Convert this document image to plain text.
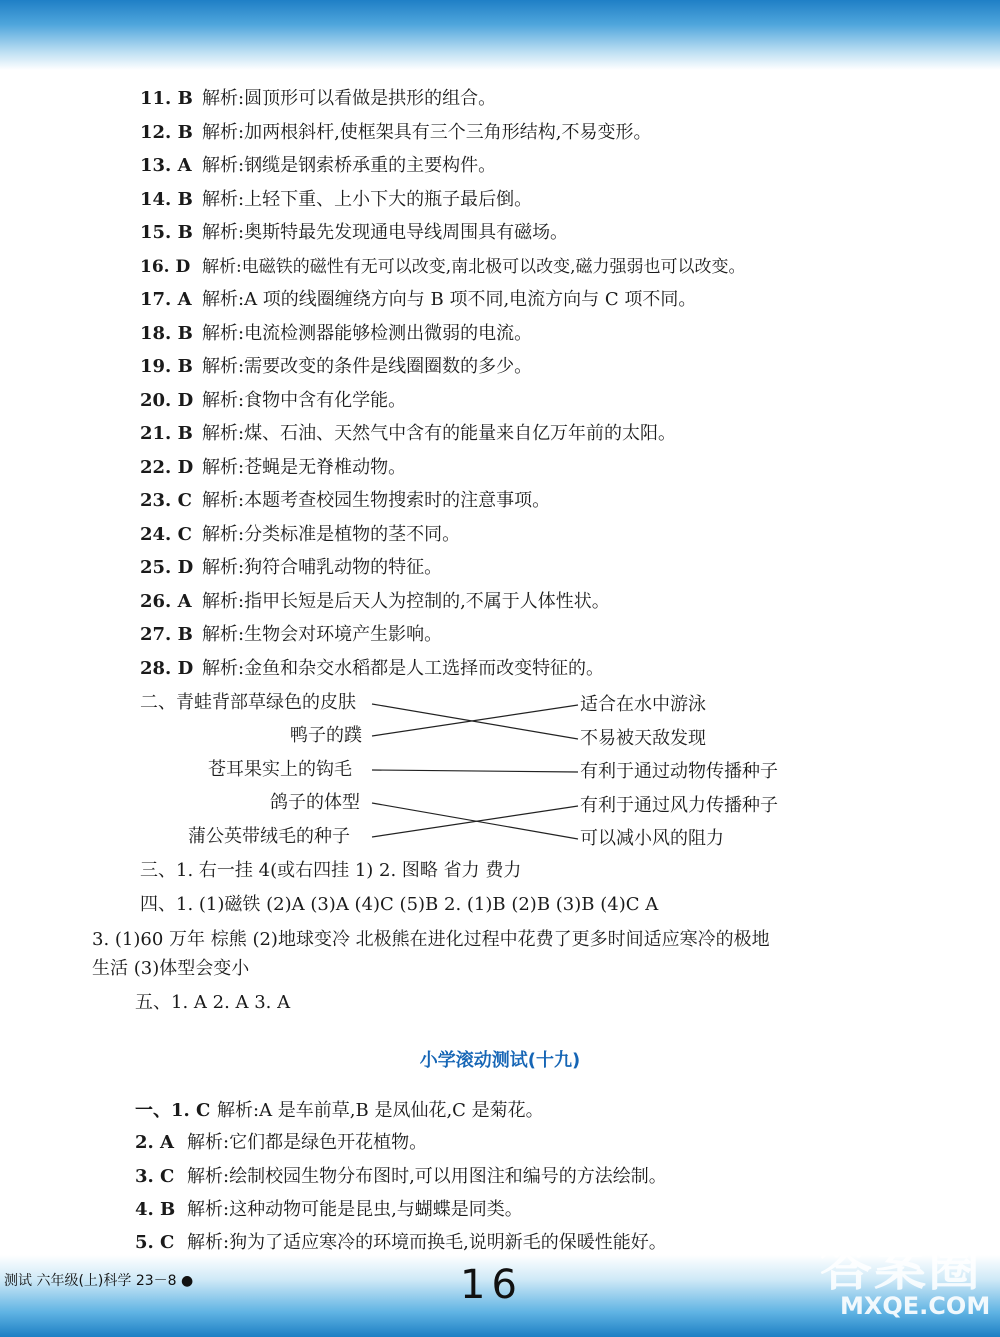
11. B 解析:圆顶形可以看做是拱形的组合。
12. B 解析:加两根斜杆,使框架具有三个三角形结构,不易变形。
13. A 解析:钢缆是钢索桥承重的主要构件。
14. B 解析:上轻下重、上小下大的瓶子最后倒。
15. B 解析:奥斯特最先发现通电导线周围具有磁场。
16. D 解析:电磁铁的磁性有无可以改变,南北极可以改变,磁力强弱也可以改变。
17. A 解析:A 项的线圈缠绕方向与 B 项不同,电流方向与 C 项不同。
18. B 解析:电流检测器能够检测出微弱的电流。
19. B 解析:需要改变的条件是线圈圈数的多少。
20. D 解析:食物中含有化学能。
21. B 解析:煤、石油、天然气中含有的能量来自亿万年前的太阳。
22. D 解析:苍蝇是无脊椎动物。
23. C 解析:本题考查校园生物搜索时的注意事项。
24. C 解析:分类标准是植物的茎不同。
25. D 解析:狗符合哺乳动物的特征。
26. A 解析:指甲长短是后天人为控制的,不属于人体性状。
27. B 解析:生物会对环境产生影响。
28. D 解析:金鱼和杂交水稻都是人工选择而改变特征的。
二、青蛙背部草绿色的皮肤
鸭子的蹼
苍耳果实上的钩毛
鸽子的体型
蒲公英带绒毛的种子
适合在水中游泳
不易被天敌发现
有利于通过动物传播种子
有利于通过风力传播种子
可以减小风的阻力
三、1. 右一挂 4(或右四挂 1) 2. 图略 省力 费力
四、1. (1)磁铁 (2)A (3)A (4)C (5)B 2. (1)B (2)B (3)B (4)C A
3. (1)60 万年 棕熊 (2)地球变冷 北极熊在进化过程中花费了更多时间适应寒冷的极地
生活 (3)体型会变小
五、1. A 2. A 3. A
小学滚动测试(十九)
一、1. C 解析:A 是车前草,B 是凤仙花,C 是菊花。
2. A 解析:它们都是绿色开花植物。
3. C 解析:绘制校园生物分布图时,可以用图注和编号的方法绘制。
4. B 解析:这种动物可能是昆虫,与蝴蝶是同类。
5. C 解析:狗为了适应寒冷的环境而换毛,说明新毛的保暖性能好。
测试 六年级(上)科学 23－8 ●	16	答案圈
MXQE.COM
